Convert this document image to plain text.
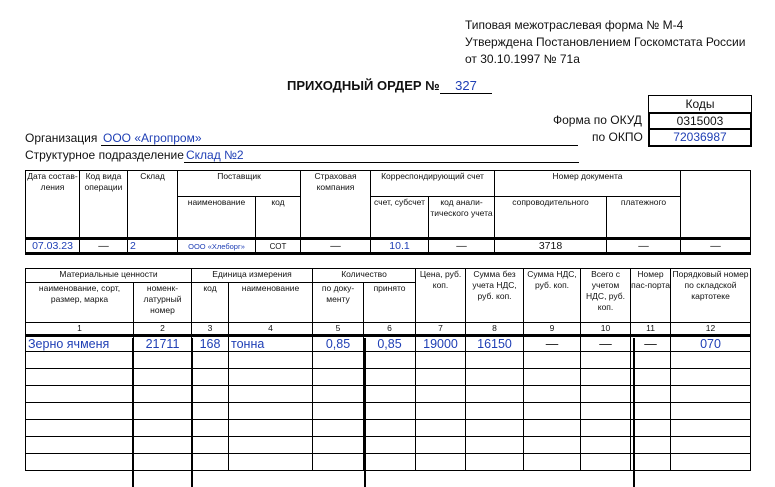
Типовая межотраслевая форма № М-4
Утверждена Постановлением Госкомстата России
от 30.10.1997 № 71а
ПРИХОДНЫЙ ОРДЕР №	327
Коды
Форма по ОКУД	0315003
по ОКПО	72036987
Организация ООО «Агропром»
Структурное подразделение Склад №2
Дата состав-ления	Код вида операции	Склад	Поставщик		Страховая компания	Корреспондирующий счет		Номер документа		
			наименование	код		счет, субсчет	код анали-тического учета	сопроводительного	платежного	
07.03.23	—	2	ООО «Хлеборг»	СОТ	—	10.1	—	3718	—	—
Материальные ценности		Единица измерения		Количество		Цена, руб. коп.	Сумма без учета НДС, руб. коп.	Сумма НДС, руб. коп.	Всего с учетом НДС, руб. коп.	Номер пас-порта	Порядковый номер по складской картотеке
наименование, сорт, размер, марка	номенк-латурный номер	код	наименование	по доку-менту	принято						
1	2	3	4	5	6	7	8	9	10	11	12
Зерно ячменя	21711	168	тонна	0,85	0,85	19000	16150	—	—	—	070
